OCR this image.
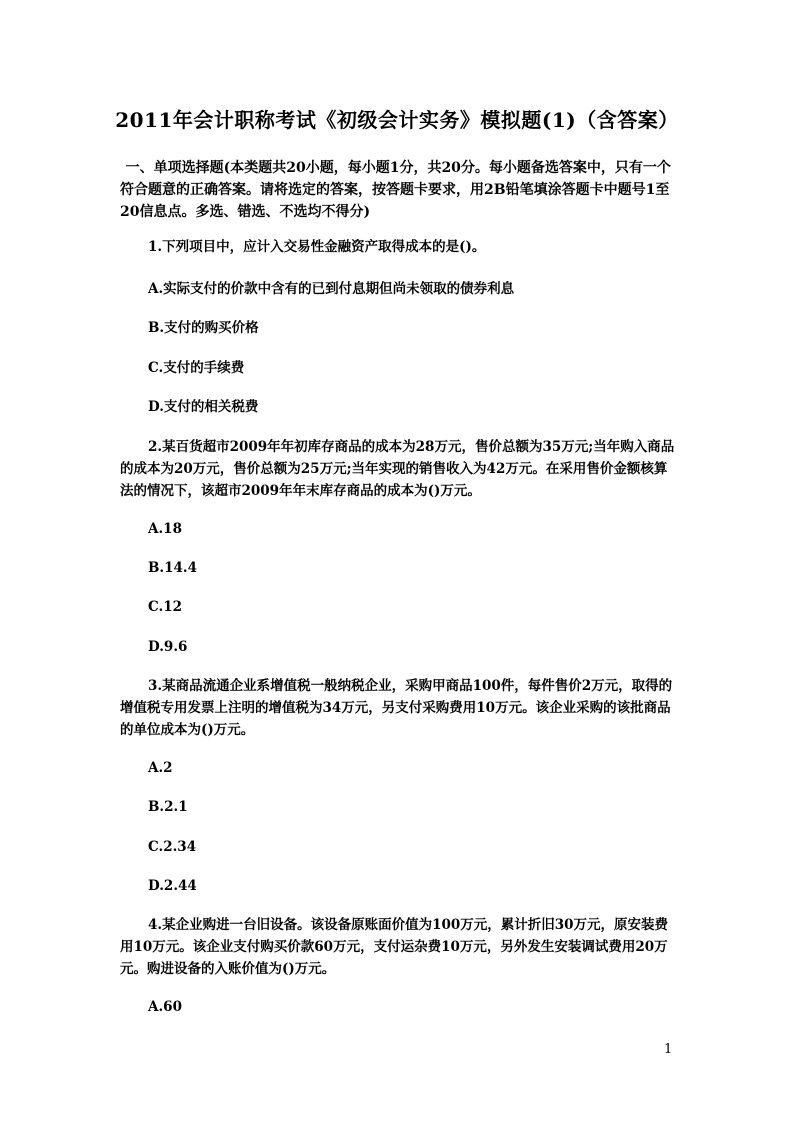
2011年会计职称考试《初级会计实务》模拟题(1)（含答案）
一、单项选择题(本类题共20小题，每小题1分，共20分。每小题备选答案中，只有一个符合题意的正确答案。请将选定的答案，按答题卡要求，用2B铅笔填涂答题卡中题号1至20信息点。多选、错选、不选均不得分)
1.下列项目中，应计入交易性金融资产取得成本的是()。
A.实际支付的价款中含有的已到付息期但尚未领取的债券利息
B.支付的购买价格
C.支付的手续费
D.支付的相关税费
2.某百货超市2009年年初库存商品的成本为28万元，售价总额为35万元;当年购入商品的成本为20万元，售价总额为25万元;当年实现的销售收入为42万元。在采用售价金额核算法的情况下，该超市2009年年末库存商品的成本为()万元。
A.18
B.14.4
C.12
D.9.6
3.某商品流通企业系增值税一般纳税企业，采购甲商品100件，每件售价2万元，取得的增值税专用发票上注明的增值税为34万元，另支付采购费用10万元。该企业采购的该批商品的单位成本为()万元。
A.2
B.2.1
C.2.34
D.2.44
4.某企业购进一台旧设备。该设备原账面价值为100万元，累计折旧30万元，原安装费用10万元。该企业支付购买价款60万元，支付运杂费10万元，另外发生安装调试费用20万元。购进设备的入账价值为()万元。
A.60
1
